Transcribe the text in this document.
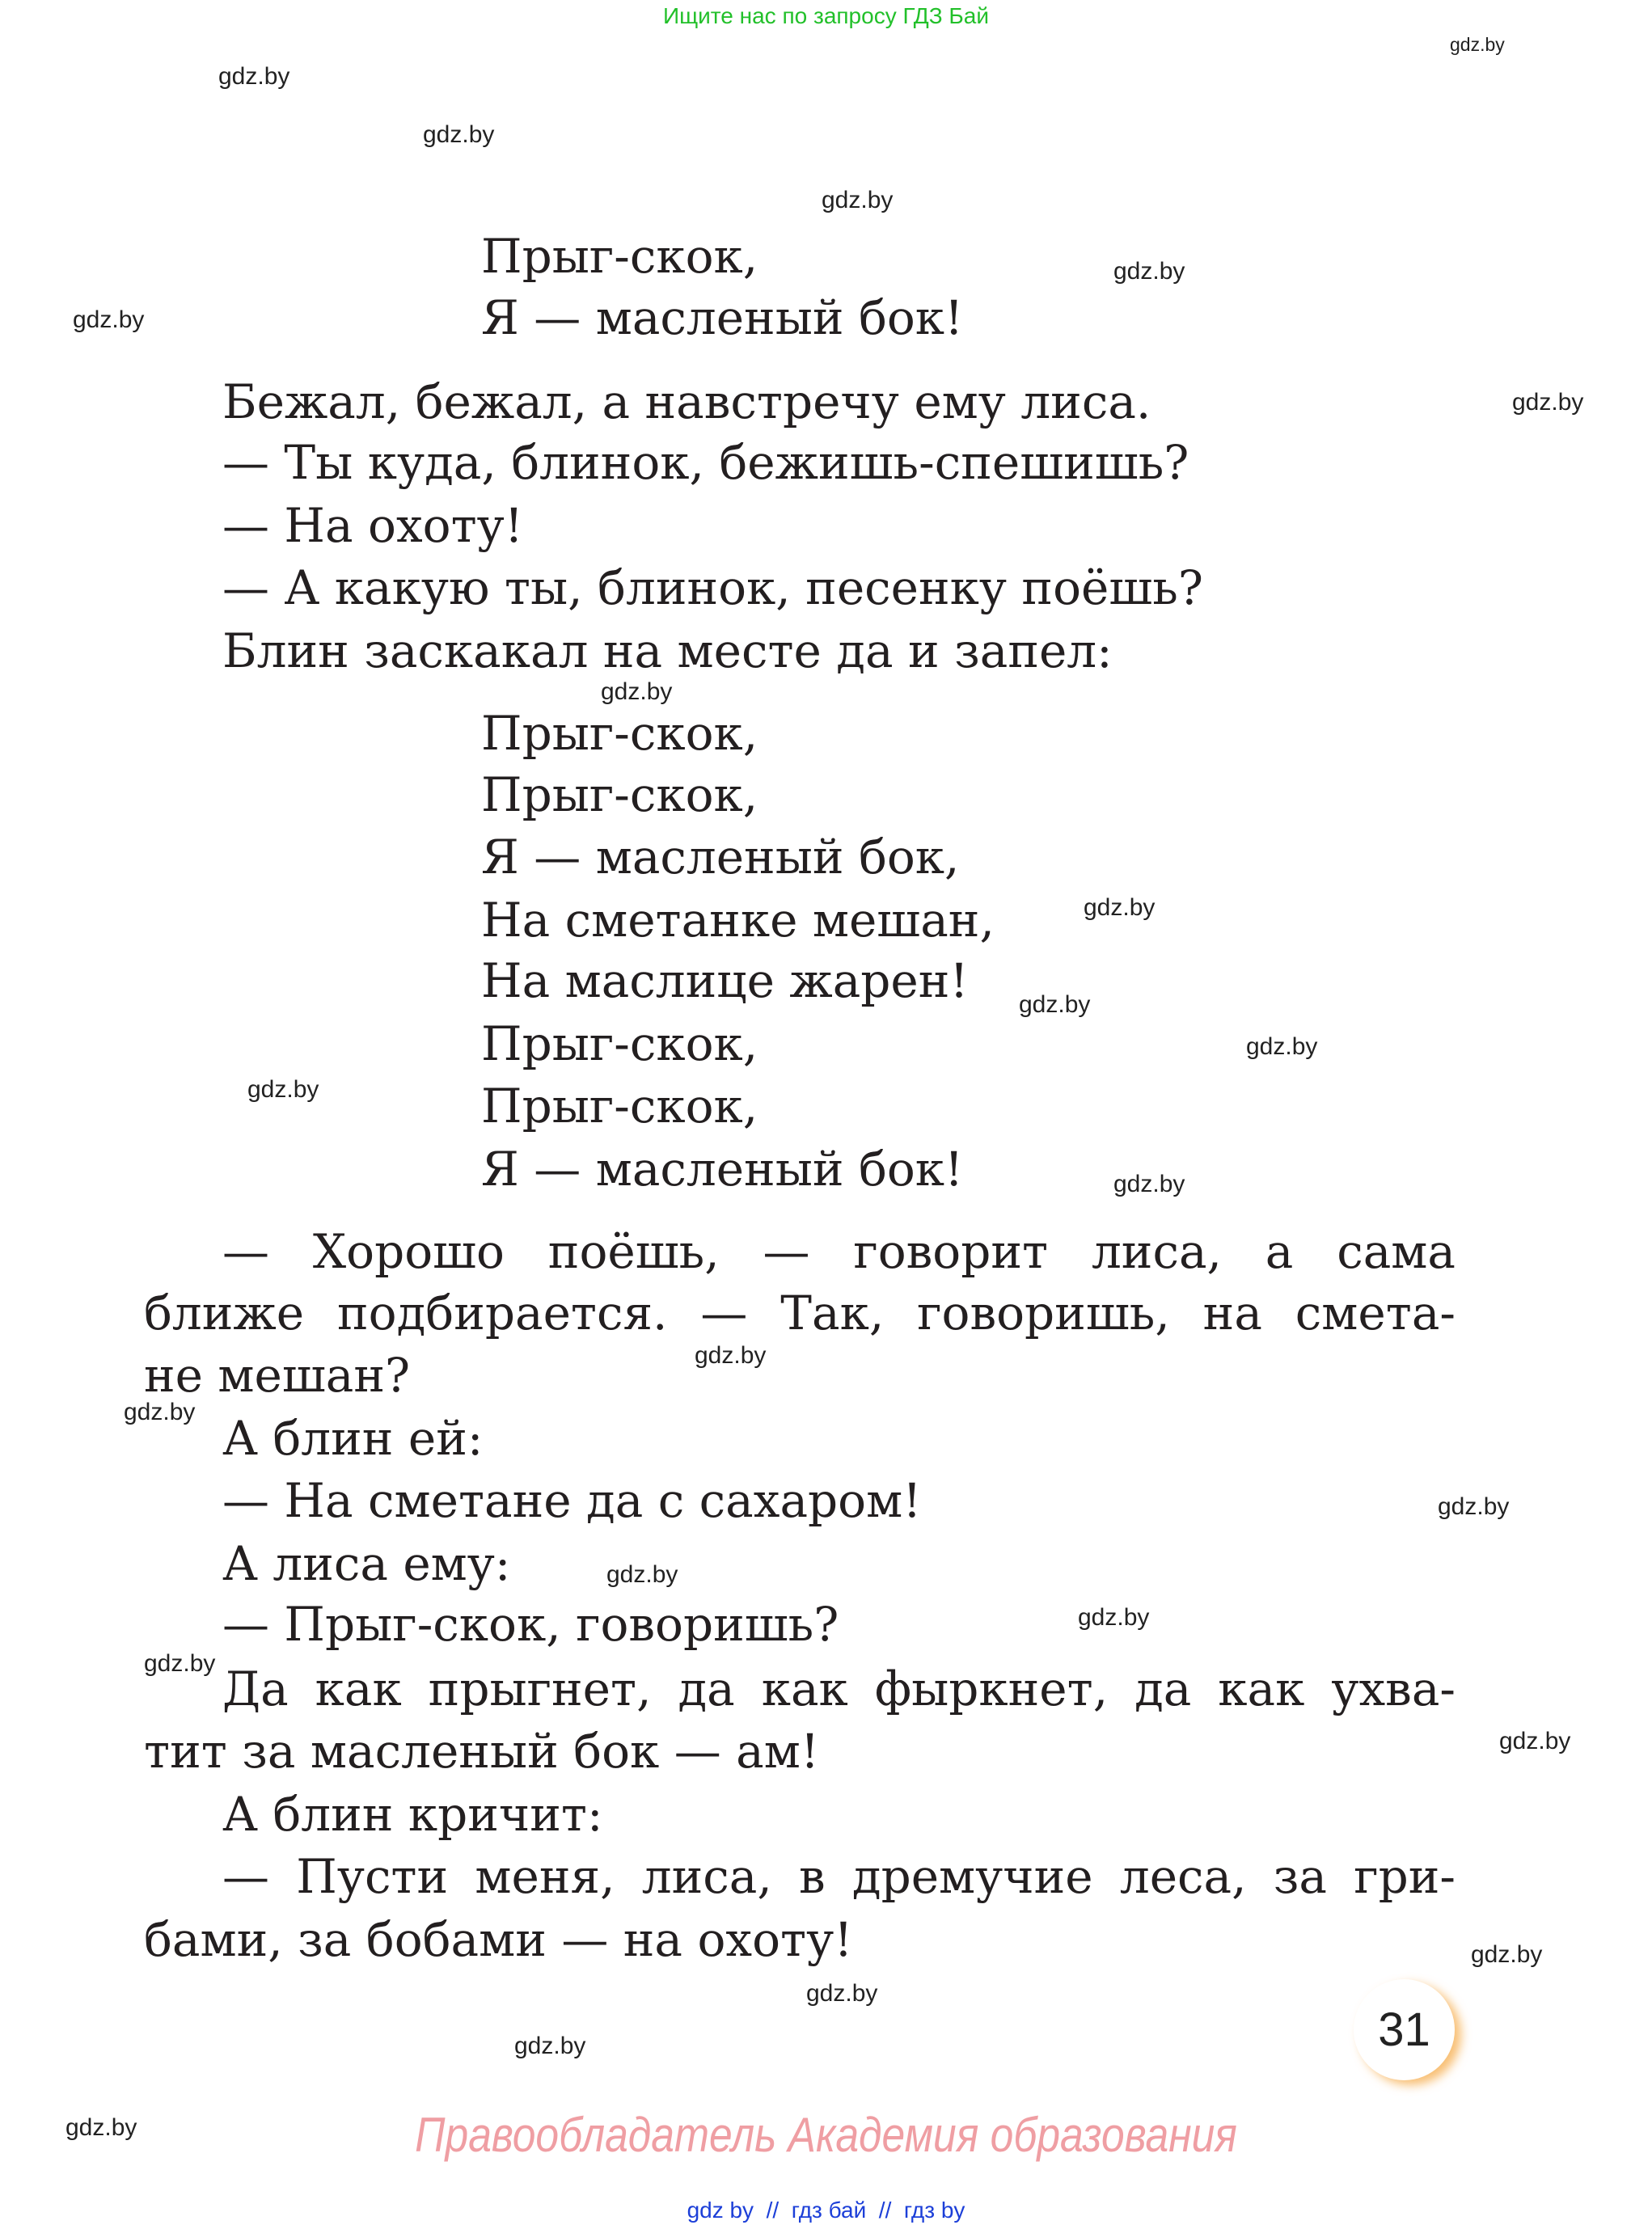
Ищите нас по запросу ГДЗ Бай
Прыг-скок,
Я — масленый бок!
Бежал, бежал, а навстречу ему лиса.
— Ты куда, блинок, бежишь-спешишь?
— На охоту!
— А какую ты, блинок, песенку поёшь?
Блин заскакал на месте да и запел:
Прыг-скок,
Прыг-скок,
Я — масленый бок,
На сметанке мешан,
На маслице жарен!
Прыг-скок,
Прыг-скок,
Я — масленый бок!
— Хорошо поёшь, — говорит лиса, а сама
ближе подбирается. — Так, говоришь, на смета-
не мешан?
А блин ей:
— На сметане да с сахаром!
А лиса ему:
— Прыг-скок, говоришь?
Да как прыгнет, да как фыркнет, да как ухва-
тит за масленый бок — ам!
А блин кричит:
— Пусти меня, лиса, в дремучие леса, за гри-
бами, за бобами — на охоту!
gdz.by
gdz.by
gdz.by
gdz.by
gdz.by
gdz.by
gdz.by
gdz.by
gdz.by
gdz.by
gdz.by
gdz.by
gdz.by
gdz.by
gdz.by
gdz.by
gdz.by
gdz.by
gdz.by
gdz.by
gdz.by
gdz.by
gdz.by
gdz.by
31
Правообладатель Академия образования
gdz by  //  гдз бай  //  гдз by
